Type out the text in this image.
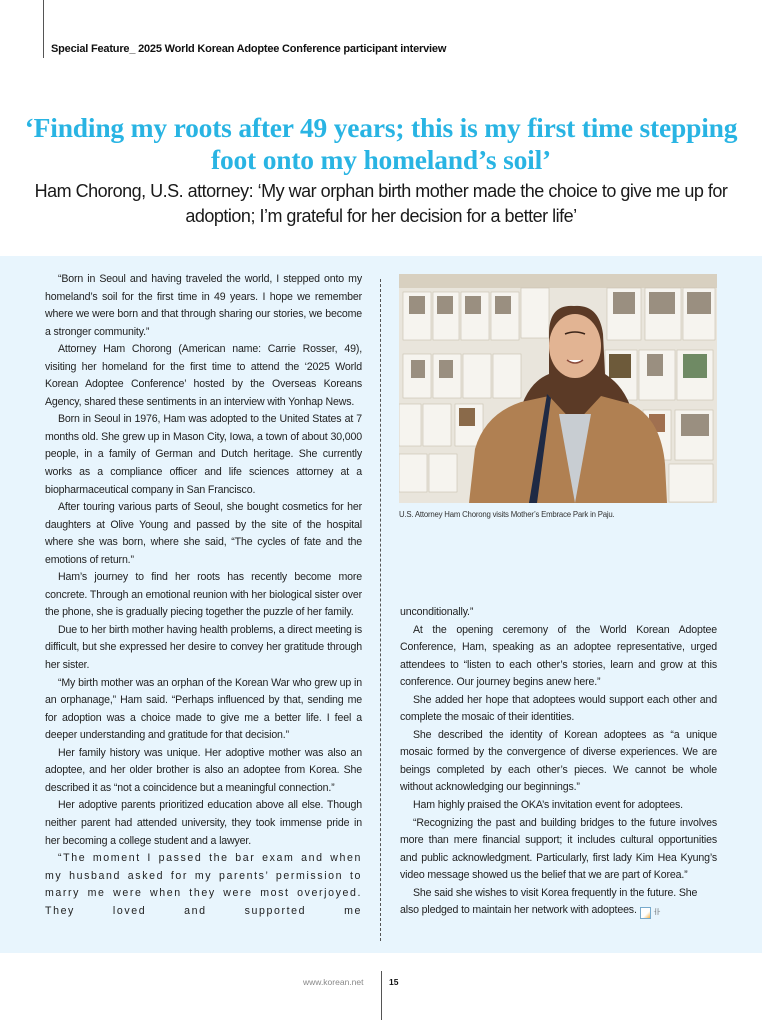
Special Feature_ 2025 World Korean Adoptee Conference participant interview
‘Finding my roots after 49 years; this is my first time stepping foot onto my homeland’s soil’
Ham Chorong, U.S. attorney: ‘My war orphan birth mother made the choice to give me up for adoption; I’m grateful for her decision for a better life’

“Born in Seoul and having traveled the world, I stepped onto my homeland’s soil for the first time in 49 years. I hope we remember where we were born and that through sharing our stories, we become a stronger community.”

Attorney Ham Chorong (American name: Carrie Rosser, 49), visiting her homeland for the first time to attend the ‘2025 World Korean Adoptee Conference’ hosted by the Overseas Koreans Agency, shared these sentiments in an interview with Yonhap News.

Born in Seoul in 1976, Ham was adopted to the United States at 7 months old. She grew up in Mason City, Iowa, a town of about 30,000 people, in a family of German and Dutch heritage. She currently works as a compliance officer and life sciences attorney at a biopharmaceutical company in San Francisco.

After touring various parts of Seoul, she bought cosmetics for her daughters at Olive Young and passed by the site of the hospital where she was born, where she said, “The cycles of fate and the emotions of return.”

Ham’s journey to find her roots has recently become more concrete. Through an emotional reunion with her biological sister over the phone, she is gradually piecing together the puzzle of her family.

Due to her birth mother having health problems, a direct meeting is difficult, but she expressed her desire to convey her gratitude through her sister.

“My birth mother was an orphan of the Korean War who grew up in an orphanage,” Ham said. “Perhaps influenced by that, sending me for adoption was a choice made to give me a better life. I feel a deeper understanding and gratitude for that decision.”

Her family history was unique. Her adoptive mother was also an adoptee, and her older brother is also an adoptee from Korea. She described it as “not a coincidence but a meaningful connection.”

Her adoptive parents prioritized education above all else. Though neither parent had attended university, they took immense pride in her becoming a college student and a lawyer.

“The moment I passed the bar exam and when my husband asked for my parents’ permission to marry me were when they were most overjoyed. They loved and supported me

U.S. Attorney Ham Chorong visits Mother’s Embrace Park in Paju.

unconditionally.”

At the opening ceremony of the World Korean Adoptee Conference, Ham, speaking as an adoptee representative, urged attendees to “listen to each other’s stories, learn and grow at this conference. Our journey begins anew here.”

She added her hope that adoptees would support each other and complete the mosaic of their identities.

She described the identity of Korean adoptees as “a unique mosaic formed by the convergence of diverse experiences. We are beings completed by each other’s pieces. We cannot be whole without acknowledging our beginnings.”

Ham highly praised the OKA’s invitation event for adoptees.

“Recognizing the past and building bridges to the future involves more than mere financial support; it includes cultural opportunities and public acknowledgment. Particularly, first lady Kim Hea Kyung’s video message showed us the belief that we are part of Korea.”

She said she wishes to visit Korea frequently in the future. She also pledged to maintain her network with adoptees. 卝

www.korean.net	15
